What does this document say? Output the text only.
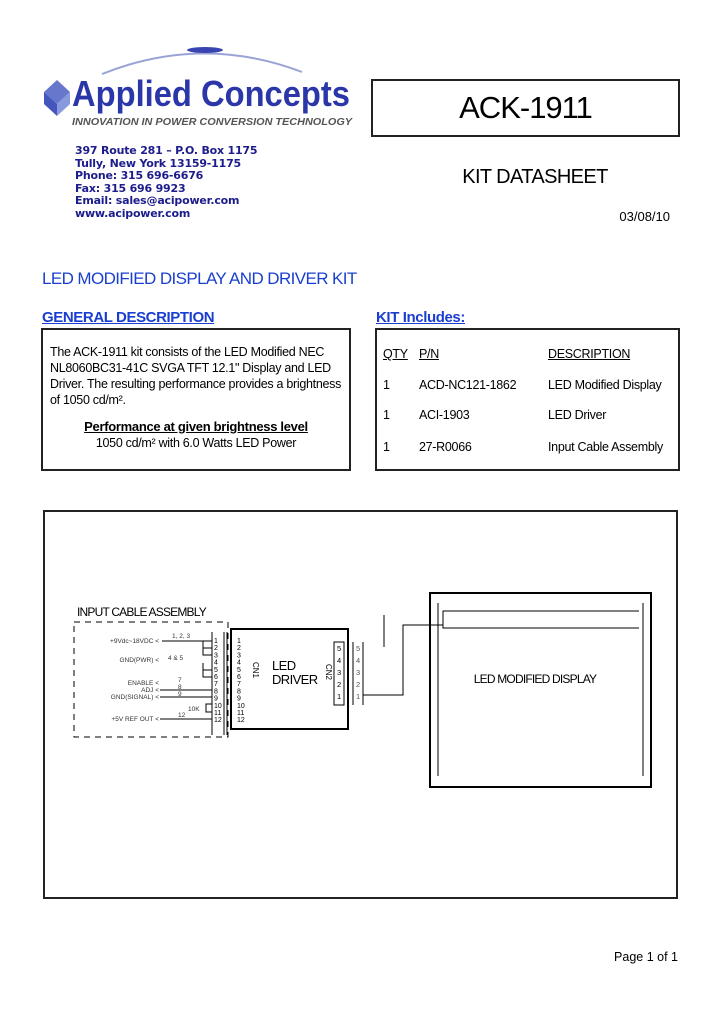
Applied Concepts
INNOVATION IN POWER CONVERSION TECHNOLOGY
397 Route 281 – P.O. Box 1175
Tully, New York 13159-1175
Phone: 315 696-6676
Fax: 315 696 9923
Email: sales@acipower.com
www.acipower.com
ACK-1911
KIT DATASHEET
03/08/10
LED MODIFIED DISPLAY AND DRIVER KIT
GENERAL DESCRIPTION
The ACK-1911 kit consists of the LED Modified NEC
NL8060BC31-41C SVGA TFT 12.1" Display and LED
Driver. The resulting performance provides a brightness
of 1050 cd/m².
Performance at given brightness level
1050 cd/m² with 6.0 Watts LED Power
KIT Includes:
QTY P/N	DESCRIPTION
1 ACD-NC121-1862	LED Modified Display
1 ACI-1903	LED Driver
1 27-R0066	Input Cable Assembly
INPUT CABLE ASSEMBLY
+9Vdc~18VDC <
GND(PWR) <
ENABLE <
ADJ <
GND(SIGNAL) <
+5V REF OUT <
1, 2, 3
4 & 5
7
8
9
12
10K
1
2
3
4
5
6
7
8
9
10
11
12
1
2
3
4
5
6
7
8
9
10
11
12
5
4
3
2
1
5
4
3
2
1
CN1	CN2
LED
DRIVER	LED MODIFIED DISPLAY
Page 1 of 1
